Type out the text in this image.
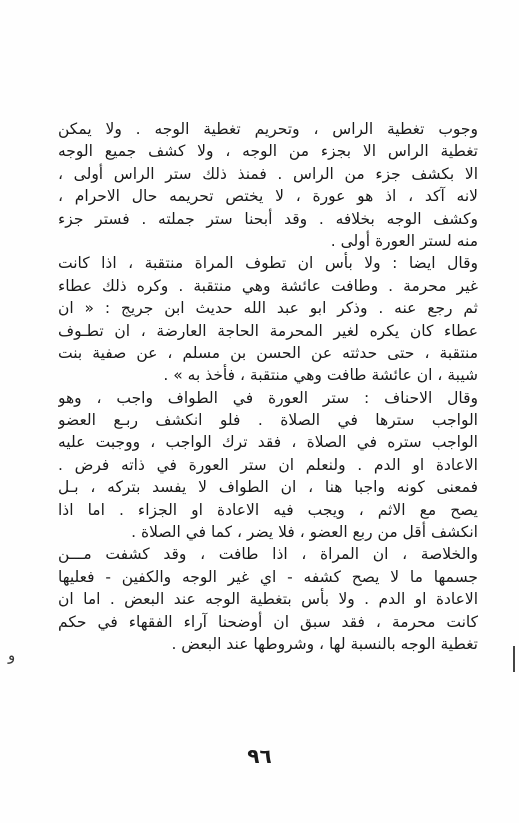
وجوب تغطية الراس ، وتحريم تغطية الوجه . ولا يمكن
تغطية الراس الا بجزء من الوجه ، ولا كشف جميع الوجه
الا بكشف جزء من الراس . فمنذ ذلك ستر الراس أولى ،
لانه آكد ، اذ هو عورة ، لا يختص تحريمه حال الاحرام ،
وكشف الوجه بخلافه . وقد أبحنا ستر جملته . فستر جزء
منه لستر العورة أولى .
وقال ايضا : ولا بأس ان تطوف المراة منتقبة ، اذا كانت
غير محرمة . وطافت عائشة وهي منتقبة . وكره ذلك عطاء
ثم رجع عنه . وذكر ابو عبد الله حديث ابن جريج : « ان
عطاء كان يكره لغير المحرمة الحاجة العارضة ، ان تطـوف
منتقبة ، حتى حدثته عن الحسن بن مسلم ، عن صفية بنت
شيبة ، ان عائشة طافت وهي منتقبة ، فأخذ به » .
وقال الاحناف : ستر العورة في الطواف واجب ، وهو
الواجب سترها في الصلاة . فلو انكشف ربـع العضو
الواجب ستره في الصلاة ، فقد ترك الواجب ، ووجبت عليه
الاعادة او الدم . ولنعلم ان ستر العورة في ذاته فرض .
فمعنى كونه واجبا هنا ، ان الطواف لا يفسد بتركه ، بـل
يصح مع الاثم ، ويجب فيه الاعادة او الجزاء . اما اذا
انكشف أقل من ربع العضو ، فلا يضر ، كما في الصلاة .
والخلاصة ، ان المراة ، اذا طافت ، وقد كشفت مـــن
جسمها ما لا يصح كشفه - اي غير الوجه والكفين - فعليها
الاعادة او الدم . ولا بأس بتغطية الوجه عند البعض . اما ان
كانت محرمة ، فقد سبق ان أوضحنا آراء الفقهاء في حكم
تغطية الوجه بالنسبة لها ، وشروطها عند البعض .
٩٦
ﻭ
